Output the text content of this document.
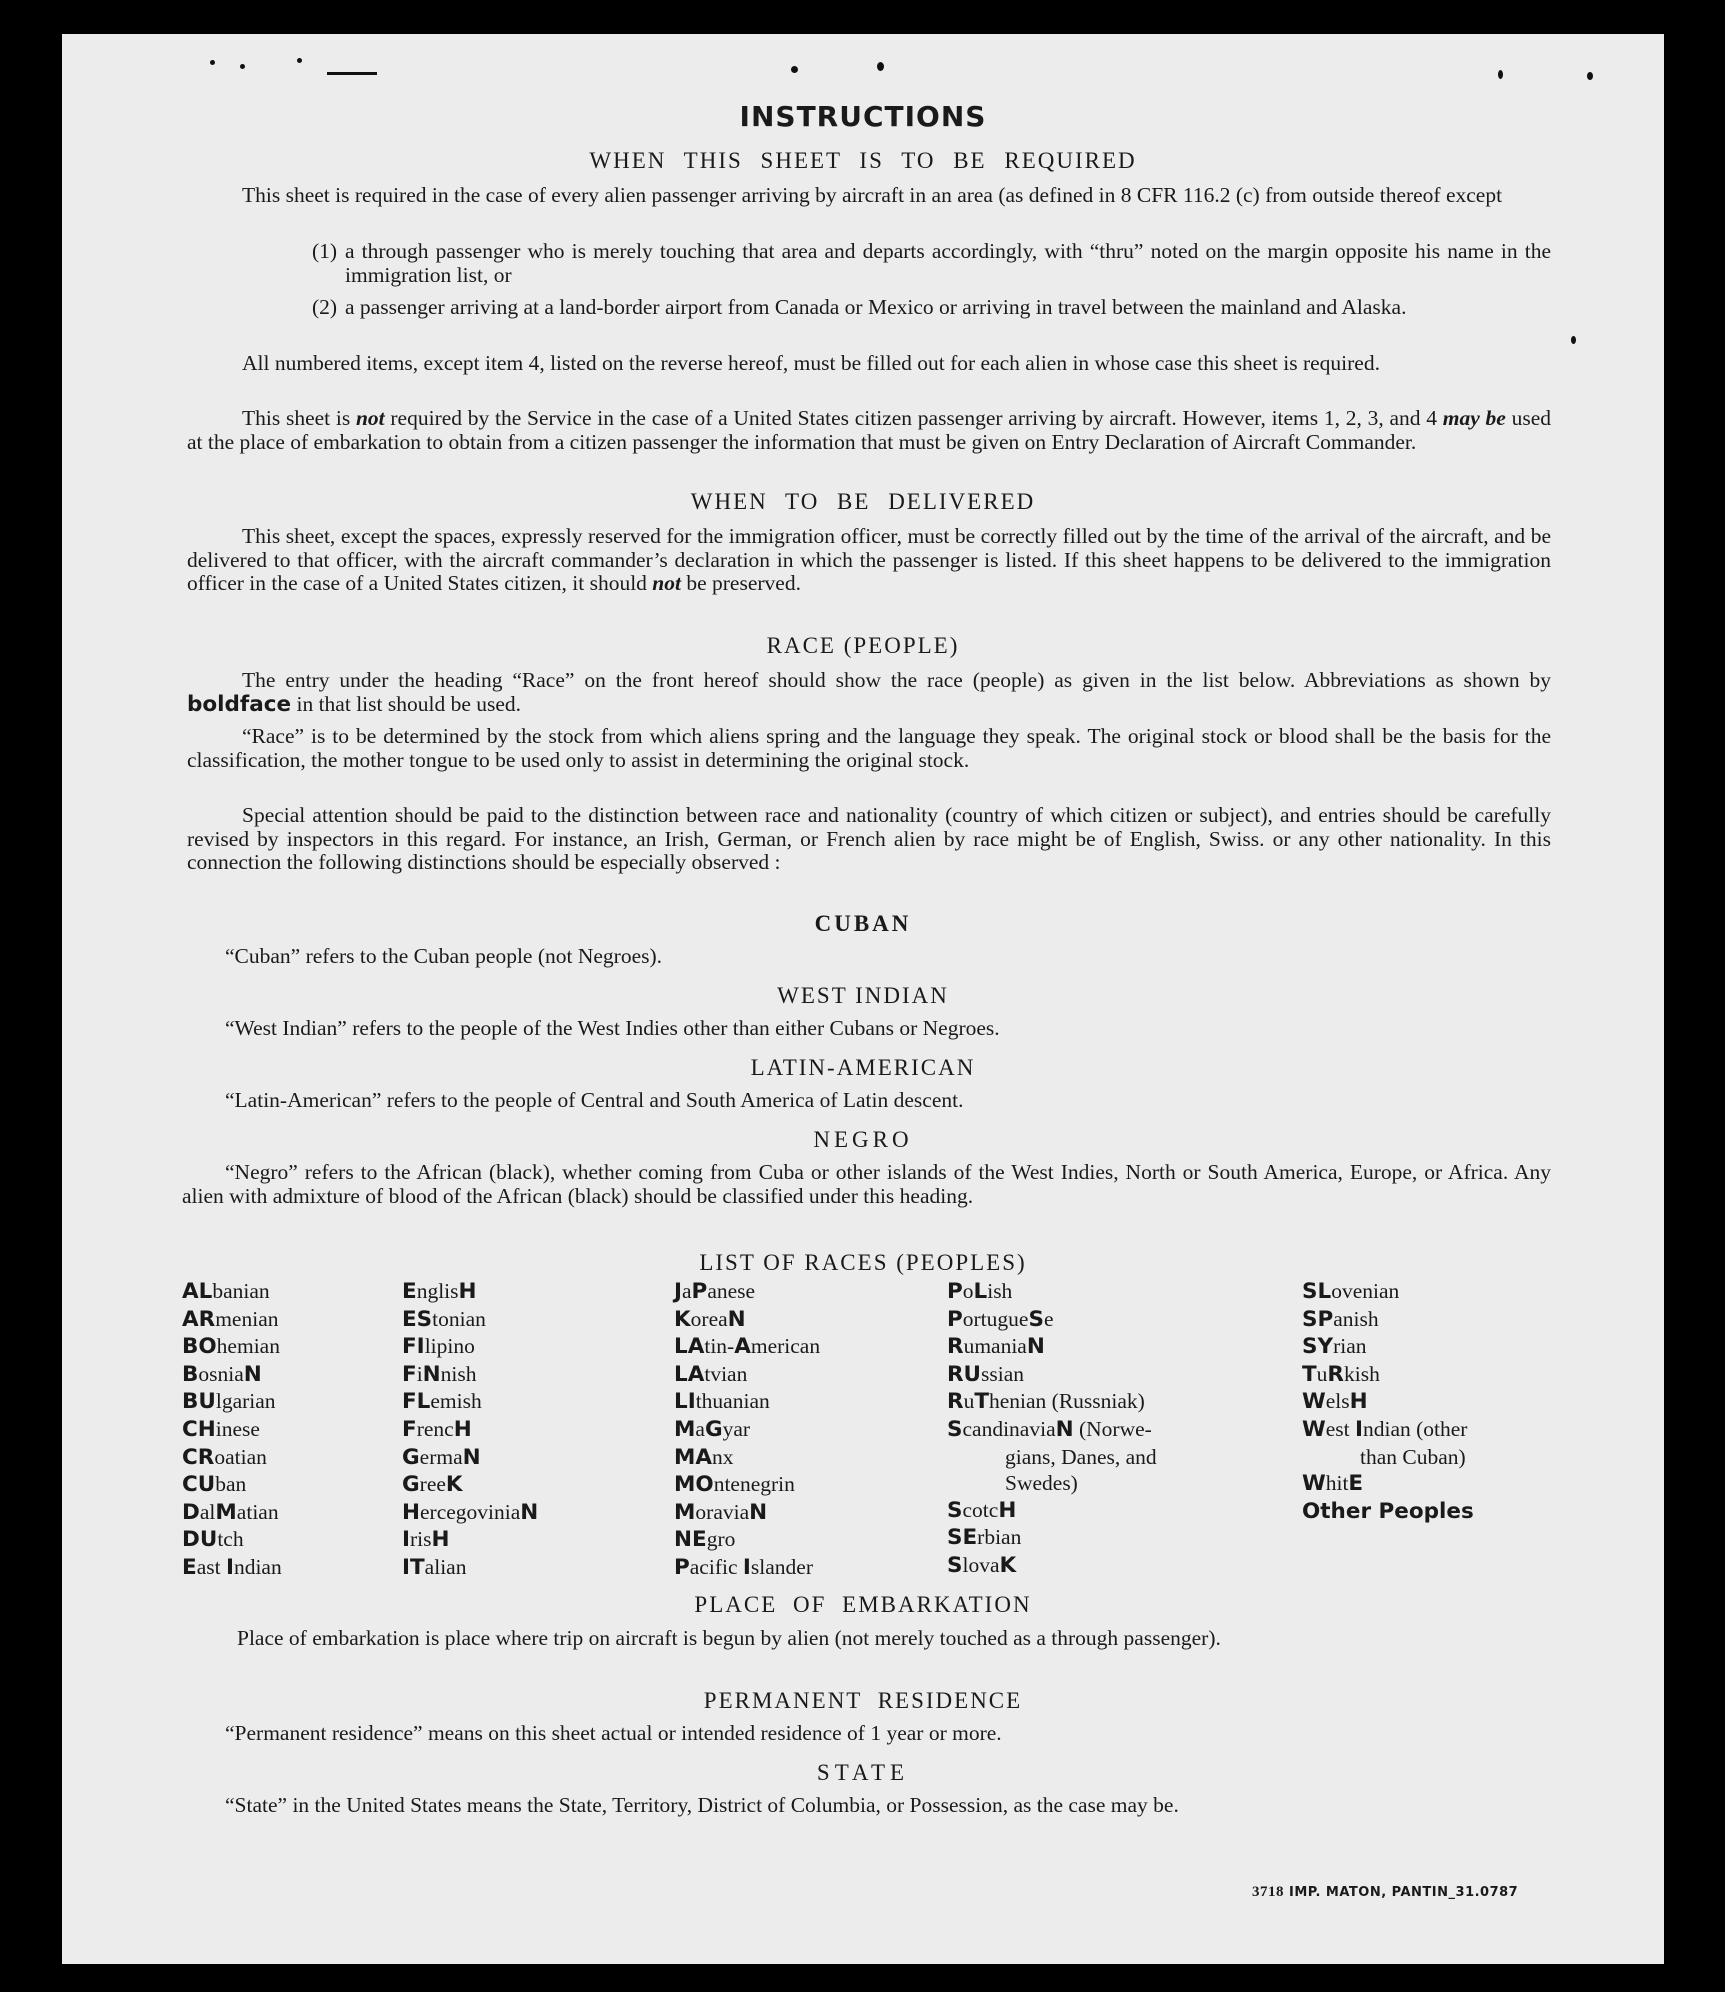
INSTRUCTIONS
WHEN THIS SHEET IS TO BE REQUIRED
This sheet is required in the case of every alien passenger arriving by aircraft in an area (as defined in 8 CFR 116.2 (c) from outside thereof except
(1) a through passenger who is merely touching that area and departs accordingly, with “thru” noted on the margin opposite his name in the immigration list, or
(2) a passenger arriving at a land-border airport from Canada or Mexico or arriving in travel between the mainland and Alaska.
All numbered items, except item 4, listed on the reverse hereof, must be filled out for each alien in whose case this sheet is required.
This sheet is not required by the Service in the case of a United States citizen passenger arriving by aircraft. However, items 1, 2, 3, and 4 may be used at the place of embarkation to obtain from a citizen passenger the information that must be given on Entry Declaration of Aircraft Commander.
WHEN TO BE DELIVERED
This sheet, except the spaces, expressly reserved for the immigration officer, must be correctly filled out by the time of the arrival of the aircraft, and be delivered to that officer, with the aircraft commander’s declaration in which the passenger is listed. If this sheet happens to be delivered to the immigration officer in the case of a United States citizen, it should not be preserved.
RACE (PEOPLE)
The entry under the heading “Race” on the front hereof should show the race (people) as given in the list below. Abbreviations as shown by boldface in that list should be used.
“Race” is to be determined by the stock from which aliens spring and the language they speak. The original stock or blood shall be the basis for the classification, the mother tongue to be used only to assist in determining the original stock.
Special attention should be paid to the distinction between race and nationality (country of which citizen or subject), and entries should be carefully revised by inspectors in this regard. For instance, an Irish, German, or French alien by race might be of English, Swiss. or any other nationality. In this connection the following distinctions should be especially observed :
CUBAN
“Cuban” refers to the Cuban people (not Negroes).
WEST INDIAN
“West Indian” refers to the people of the West Indies other than either Cubans or Negroes.
LATIN-AMERICAN
“Latin-American” refers to the people of Central and South America of Latin descent.
NEGRO
“Negro” refers to the African (black), whether coming from Cuba or other islands of the West Indies, North or South America, Europe, or Africa. Any alien with admixture of blood of the African (black) should be classified under this heading.
LIST OF RACES (PEOPLES)
ALbanian
ARmenian
BOhemian
BosniaN
BUlgarian
CHinese
CRoatian
CUban
DalMatian
DUtch
East Indian
EnglisH
EStonian
FIlipino
FiNnish
FLemish
FrencH
GermaN
GreeK
HercegoviniaN
IrisH
ITalian
JaPanese
KoreaN
LAtin-American
LAtvian
LIthuanian
MaGyar
MAnx
MOntenegrin
MoraviaN
NEgro
Pacific Islander
PoLish
PortugueSe
RumaniaN
RUssian
RuThenian (Russniak)
ScandinaviaN (Norwe-
gians, Danes, and
Swedes)
ScotcH
SErbian
SlovaK
SLovenian
SPanish
SYrian
TuRkish
WelsH
West Indian (other
than Cuban)
WhitE
Other Peoples
PLACE OF EMBARKATION
Place of embarkation is place where trip on aircraft is begun by alien (not merely touched as a through passenger).
PERMANENT RESIDENCE
“Permanent residence” means on this sheet actual or intended residence of 1 year or more.
STATE
“State” in the United States means the State, Territory, District of Columbia, or Possession, as the case may be.
3718 IMP. MATON, PANTIN_31.0787
